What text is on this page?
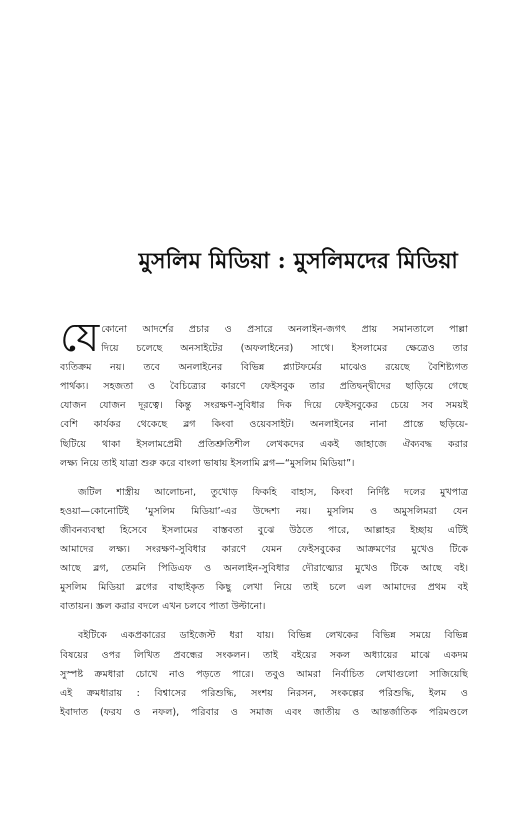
মুসলিম মিডিয়া : মুসলিমদের মিডিয়া
যে কোনো আদর্শের প্রচার ও প্রসারে অনলাইন-জগৎ প্রায় সমানতালে পাল্লা
দিয়ে চলেছে অনসাইটের (অফলাইনের) সাথে। ইসলামের ক্ষেত্রেও তার
ব্যতিক্রম নয়। তবে অনলাইনের বিভিন্ন প্ল্যাটফর্মের মাঝেও রয়েছে বৈশিষ্ট্যগত
পার্থক্য। সহজতা ও বৈচিত্র্যের কারণে ফেইসবুক তার প্রতিদ্বন্দ্বীদের ছাড়িয়ে গেছে
যোজন যোজন দূরত্বে। কিন্তু সংরক্ষণ-সুবিধার দিক দিয়ে ফেইসবুকের চেয়ে সব সময়ই
বেশি কার্যকর থেকেছে ব্লগ কিংবা ওয়েবসাইট। অনলাইনের নানা প্রান্তে ছড়িয়ে-
ছিটিয়ে থাকা ইসলামপ্রেমী প্রতিশ্রুতিশীল লেখকদের একই জাহাজে ঐক্যবদ্ধ করার
লক্ষ্য নিয়ে তাই যাত্রা শুরু করে বাংলা ভাষায় ইসলামি ব্লগ—“মুসলিম মিডিয়া”।
জটিল শাস্ত্রীয় আলোচনা, তুখোড় ফিকহি বাহাস, কিংবা নির্দিষ্ট দলের মুখপাত্র
হওয়া—কোনোটিই ‘মুসলিম মিডিয়া’-এর উদ্দেশ্য নয়। মুসলিম ও অমুসলিমরা যেন
জীবনব্যবস্থা হিসেবে ইসলামের বাস্তবতা বুঝে উঠতে পারে, আল্লাহর ইচ্ছায় এটিই
আমাদের লক্ষ্য। সংরক্ষণ-সুবিধার কারণে যেমন ফেইসবুকের আক্রমণের মুখেও টিকে
আছে ব্লগ, তেমনি পিডিএফ ও অনলাইন-সুবিধার দৌরাত্ম্যের মুখেও টিকে আছে বই।
মুসলিম মিডিয়া ব্লগের বাছাইকৃত কিছু লেখা নিয়ে তাই চলে এল আমাদের প্রথম বই
বাতায়ন। স্ক্রল করার বদলে এখন চলবে পাতা উল্টানো।
বইটিকে একপ্রকারের ডাইজেস্ট ধরা যায়। বিভিন্ন লেখকের বিভিন্ন সময়ে বিভিন্ন
বিষয়ের ওপর লিখিত প্রবন্ধের সংকলন। তাই বইয়ের সকল অধ্যায়ের মাঝে একদম
সুস্পষ্ট ক্রমধারা চোখে নাও পড়তে পারে। তবুও আমরা নির্বাচিত লেখাগুলো সাজিয়েছি
এই ক্রমধারায় : বিশ্বাসের পরিশুদ্ধি, সংশয় নিরসন, সংকল্পের পরিশুদ্ধি, ইলম ও
ইবাদাত (ফরয ও নফল), পরিবার ও সমাজ এবং জাতীয় ও আন্তর্জাতিক পরিমণ্ডলে
